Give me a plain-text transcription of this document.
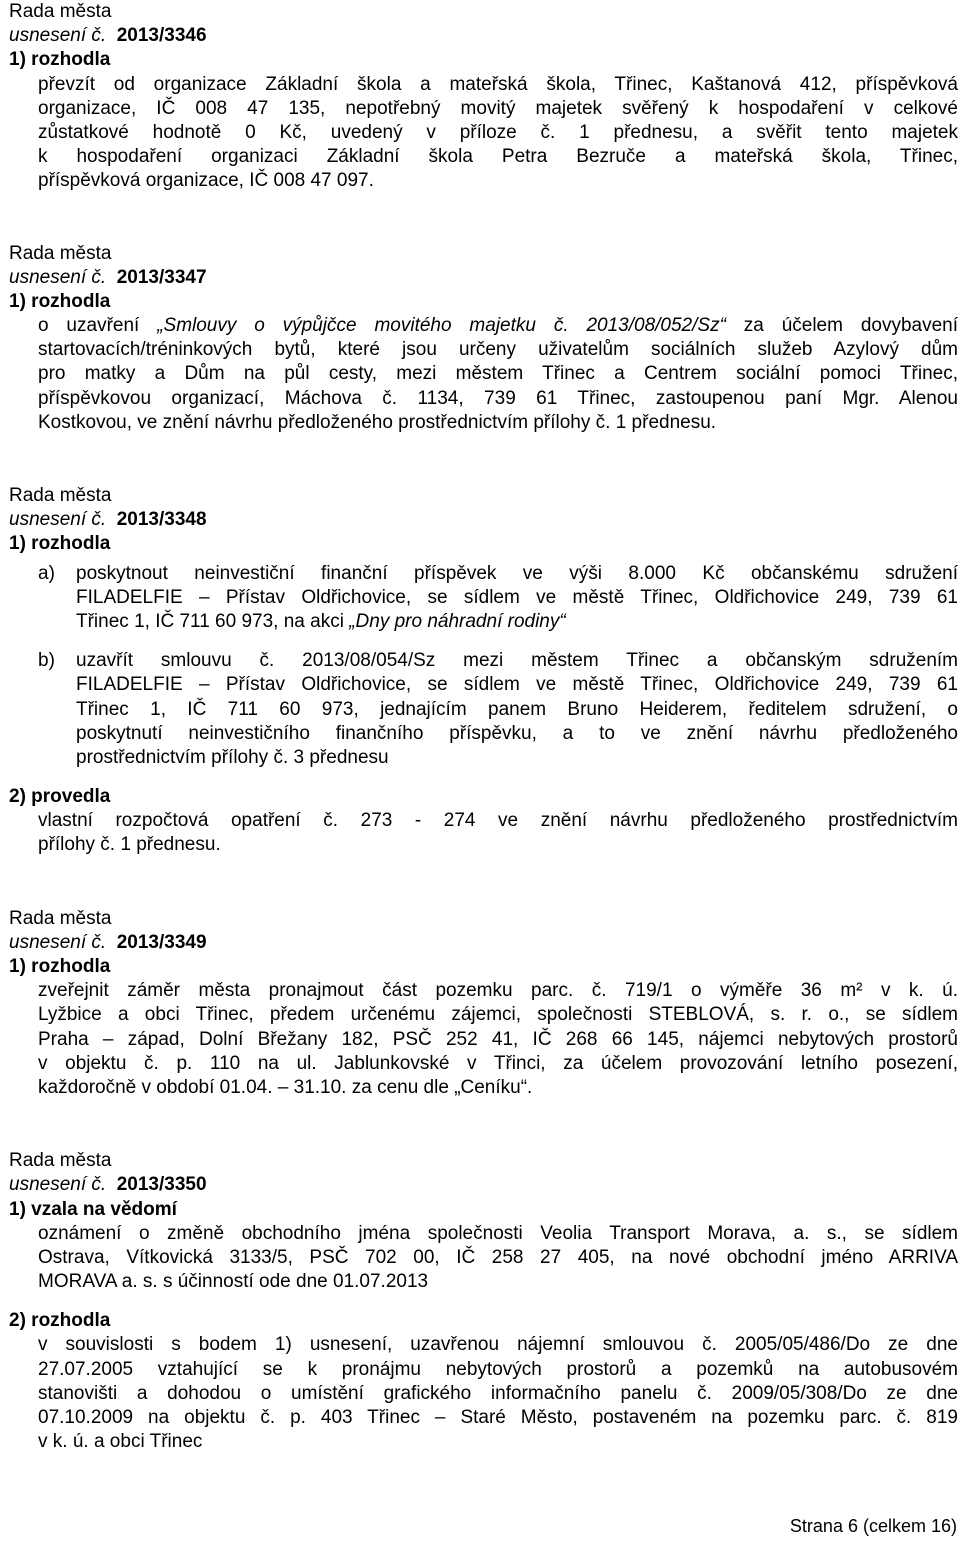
Rada města
usnesení č. 2013/3346
1) rozhodla
převzít od organizace Základní škola a mateřská škola, Třinec, Kaštanová 412, příspěvková
organizace, IČ 008 47 135, nepotřebný movitý majetek svěřený k hospodaření v celkové
zůstatkové hodnotě 0 Kč, uvedený v příloze č. 1 přednesu, a svěřit tento majetek
k hospodaření organizaci Základní škola Petra Bezruče a mateřská škola, Třinec,
příspěvková organizace, IČ 008 47 097.
Rada města
usnesení č. 2013/3347
1) rozhodla
o uzavření „Smlouvy o výpůjčce movitého majetku č. 2013/08/052/Sz“ za účelem dovybavení
startovacích/tréninkových bytů, které jsou určeny uživatelům sociálních služeb Azylový dům
pro matky a Dům na půl cesty, mezi městem Třinec a Centrem sociální pomoci Třinec,
příspěvkovou organizací, Máchova č. 1134, 739 61 Třinec, zastoupenou paní Mgr. Alenou
Kostkovou, ve znění návrhu předloženého prostřednictvím přílohy č. 1 přednesu.
Rada města
usnesení č. 2013/3348
1) rozhodla
a) poskytnout neinvestiční finanční příspěvek ve výši 8.000 Kč občanskému sdružení
FILADELFIE – Přístav Oldřichovice, se sídlem ve městě Třinec, Oldřichovice 249, 739 61
Třinec 1, IČ 711 60 973, na akci „Dny pro náhradní rodiny“
b) uzavřít smlouvu č. 2013/08/054/Sz mezi městem Třinec a občanským sdružením
FILADELFIE – Přístav Oldřichovice, se sídlem ve městě Třinec, Oldřichovice 249, 739 61
Třinec 1, IČ 711 60 973, jednajícím panem Bruno Heiderem, ředitelem sdružení, o
poskytnutí neinvestičního finančního příspěvku, a to ve znění návrhu předloženého
prostřednictvím přílohy č. 3 přednesu
2) provedla
vlastní rozpočtová opatření č. 273 - 274 ve znění návrhu předloženého prostřednictvím
přílohy č. 1 přednesu.
Rada města
usnesení č. 2013/3349
1) rozhodla
zveřejnit záměr města pronajmout část pozemku parc. č. 719/1 o výměře 36 m² v k. ú.
Lyžbice a obci Třinec, předem určenému zájemci, společnosti STEBLOVÁ, s. r. o., se sídlem
Praha – západ, Dolní Břežany 182, PSČ 252 41, IČ 268 66 145, nájemci nebytových prostorů
v objektu č. p. 110 na ul. Jablunkovské v Třinci, za účelem provozování letního posezení,
každoročně v období 01.04. – 31.10. za cenu dle „Ceníku“.
Rada města
usnesení č. 2013/3350
1) vzala na vědomí
oznámení o změně obchodního jména společnosti Veolia Transport Morava, a. s., se sídlem
Ostrava, Vítkovická 3133/5, PSČ 702 00, IČ 258 27 405, na nové obchodní jméno ARRIVA
MORAVA a. s. s účinností ode dne 01.07.2013
2) rozhodla
v souvislosti s bodem 1) usnesení, uzavřenou nájemní smlouvou č. 2005/05/486/Do ze dne
27.07.2005 vztahující se k pronájmu nebytových prostorů a pozemků na autobusovém
stanovišti a dohodou o umístění grafického informačního panelu č. 2009/05/308/Do ze dne
07.10.2009 na objektu č. p. 403 Třinec – Staré Město, postaveném na pozemku parc. č. 819
v k. ú. a obci Třinec
Strana 6 (celkem 16)
